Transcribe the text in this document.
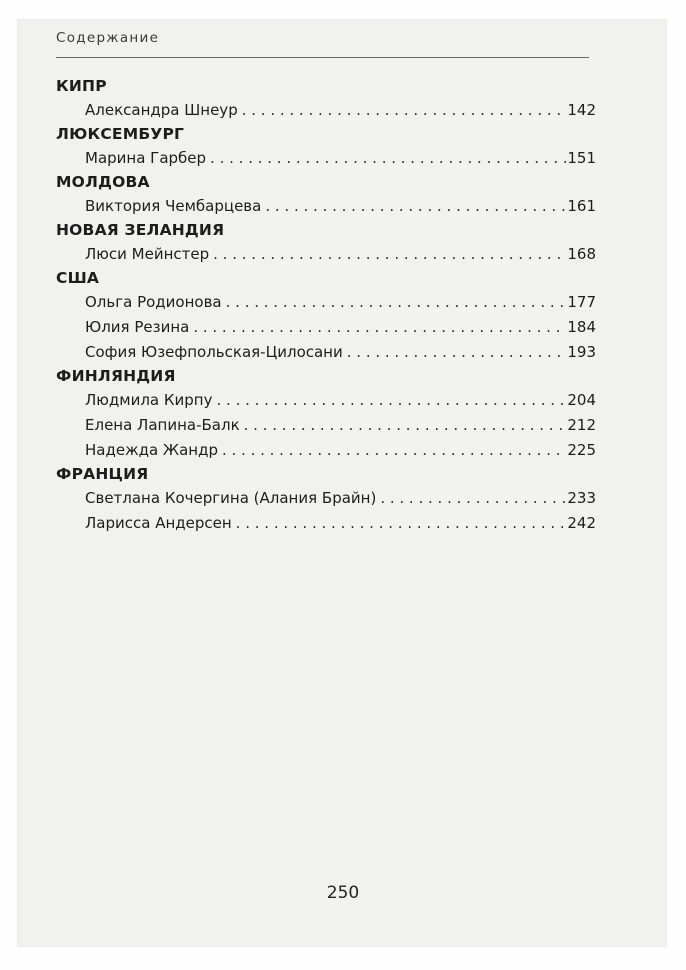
Содержание
КИПР
Александра Шнеур . . .	142
ЛЮКСЕМБУРГ
Марина Гарбер . . .	151
МОЛДОВА
Виктория Чембарцева . . .	161
НОВАЯ ЗЕЛАНДИЯ
Люси Мейнстер . . .	168
США
Ольга Родионова . . .	177
Юлия Резина . . .	184
София Юзефпольская-Цилосани . . .	193
ФИНЛЯНДИЯ
Людмила Кирпу . . .	204
Елена Лапина-Балк . . .	212
Надежда Жандр . . .	225
ФРАНЦИЯ
Светлана Кочергина (Алания Брайн) . . .	233
Ларисса Андерсен . . .	242
250
